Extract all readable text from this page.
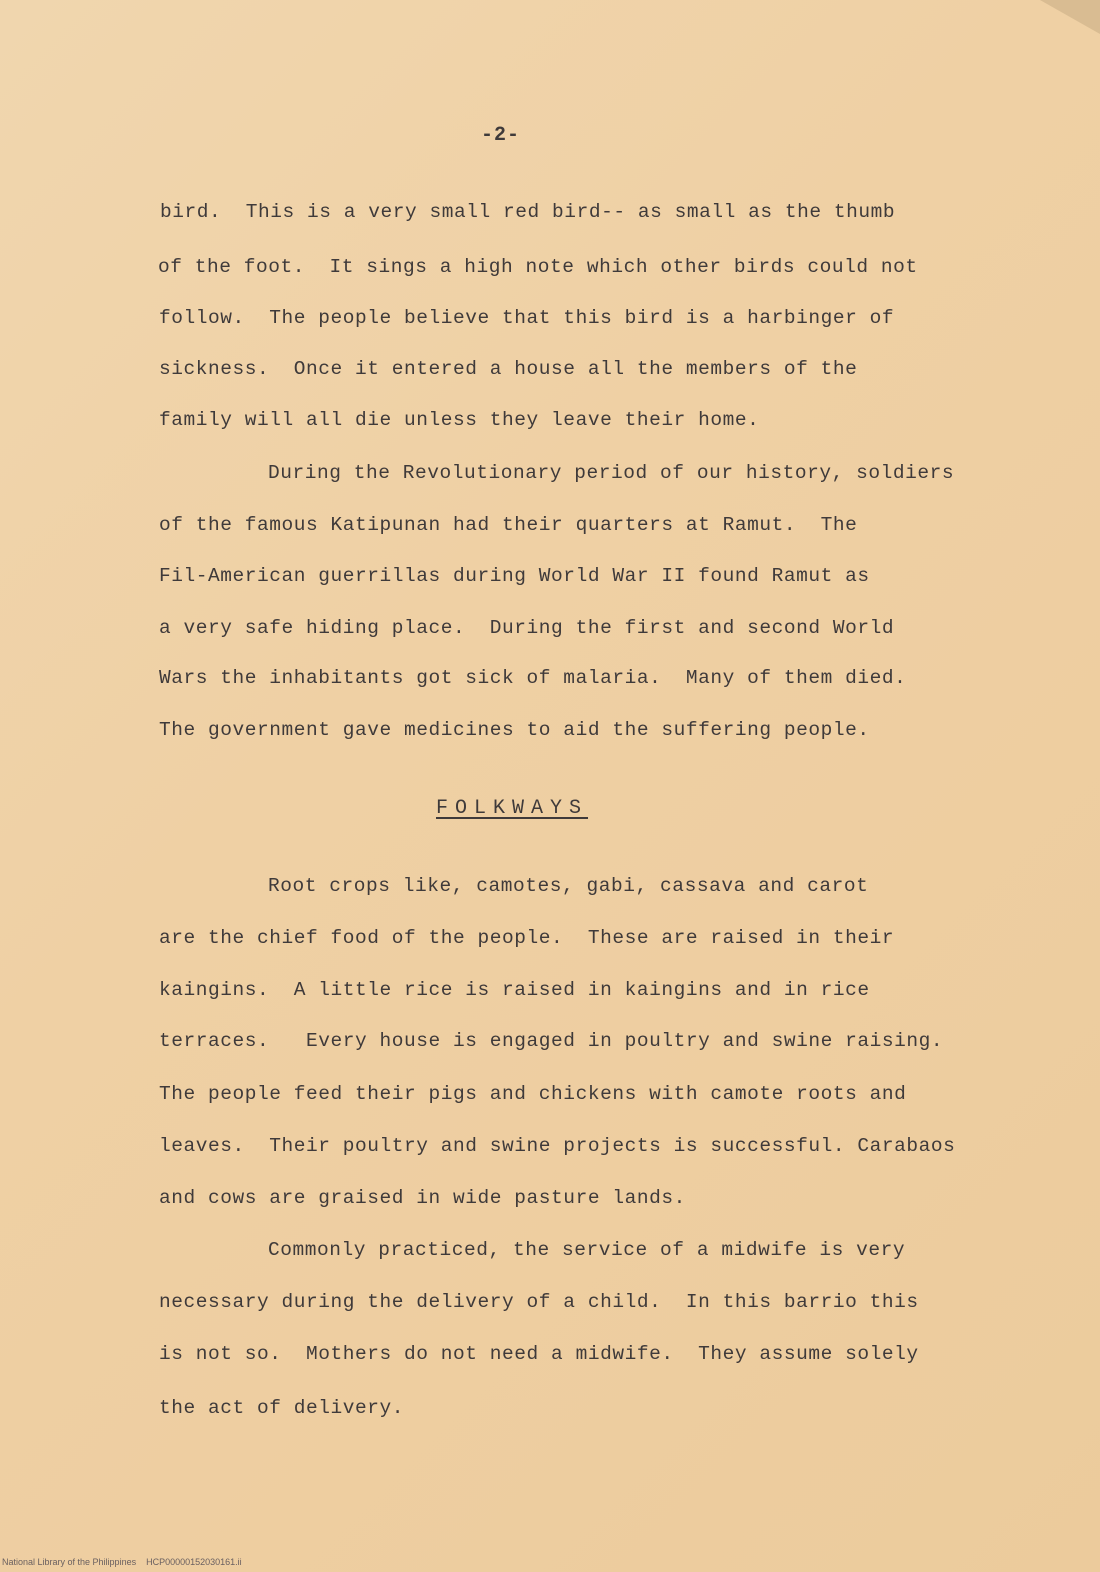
-2-
bird.  This is a very small red bird-- as small as the thumb
of the foot.  It sings a high note which other birds could not
follow.  The people believe that this bird is a harbinger of
sickness.  Once it entered a house all the members of the
family will all die unless they leave their home.
During the Revolutionary period of our history, soldiers
of the famous Katipunan had their quarters at Ramut.  The
Fil-American guerrillas during World War II found Ramut as
a very safe hiding place.  During the first and second World
Wars the inhabitants got sick of malaria.  Many of them died.
The government gave medicines to aid the suffering people.
FOLKWAYS
Root crops like, camotes, gabi, cassava and carot
are the chief food of the people.  These are raised in their
kaingins.  A little rice is raised in kaingins and in rice
terraces.   Every house is engaged in poultry and swine raising.
The people feed their pigs and chickens with camote roots and
leaves.  Their poultry and swine projects is successful. Carabaos
and cows are graised in wide pasture lands.
Commonly practiced, the service of a midwife is very
necessary during the delivery of a child.  In this barrio this
is not so.  Mothers do not need a midwife.  They assume solely
the act of delivery.
National Library of the Philippines    HCP00000152030161.ii
